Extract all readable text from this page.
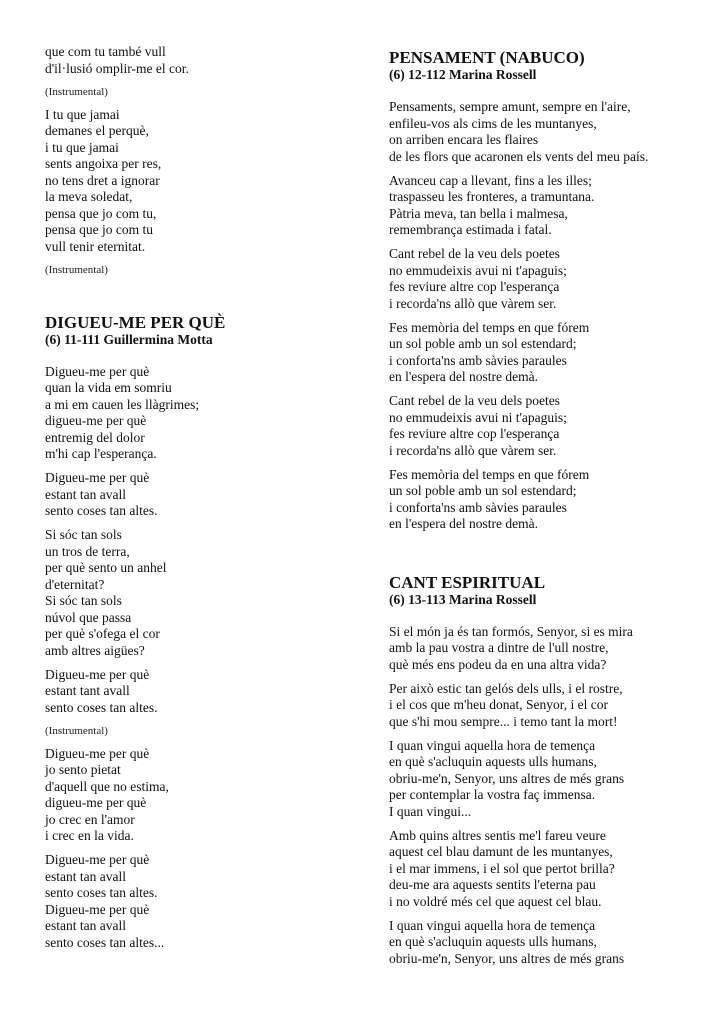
que com tu també vull
d'il·lusió omplir-me el cor.
(Instrumental)
I tu que jamai
demanes el perquè,
i tu que jamai
sents angoixa per res,
no tens dret a ignorar
la meva soledat,
pensa que jo com tu,
pensa que jo com tu
vull tenir eternitat.
(Instrumental)
DIGUEU-ME PER QUÈ
(6) 11-111 Guillermina Motta
Digueu-me per què
quan la vida em somriu
a mi em cauen les llàgrimes;
digueu-me per què
entremig del dolor
m'hi cap l'esperança.
Digueu-me per què
estant tan avall
sento coses tan altes.
Si sóc tan sols
un tros de terra,
per què sento un anhel
d'eternitat?
Si sóc tan sols
núvol que passa
per què s'ofega el cor
amb altres aigües?
Digueu-me per què
estant tant avall
sento coses tan altes.
(Instrumental)
Digueu-me per què
jo sento pietat
d'aquell que no estima,
digueu-me per què
jo crec en l'amor
i crec en la vida.
Digueu-me per què
estant tan avall
sento coses tan altes.
Digueu-me per què
estant tan avall
sento coses tan altes...
PENSAMENT (NABUCO)
(6) 12-112 Marina Rossell
Pensaments, sempre amunt, sempre en l'aire,
enfileu-vos als cims de les muntanyes,
on arriben encara les flaires
de les flors que acaronen els vents del meu país.
Avanceu cap a llevant, fins a les illes;
traspasseu les fronteres, a tramuntana.
Pàtria meva, tan bella i malmesa,
remembrança estimada i fatal.
Cant rebel de la veu dels poetes
no emmudeixis avui ni t'apaguis;
fes reviure altre cop l'esperança
i recorda'ns allò que vàrem ser.
Fes memòria del temps en que fórem
un sol poble amb un sol estendard;
i conforta'ns amb sàvies paraules
en l'espera del nostre demà.
Cant rebel de la veu dels poetes
no emmudeixis avui ni t'apaguis;
fes reviure altre cop l'esperança
i recorda'ns allò que vàrem ser.
Fes memòria del temps en que fórem
un sol poble amb un sol estendard;
i conforta'ns amb sàvies paraules
en l'espera del nostre demà.
CANT ESPIRITUAL
(6) 13-113 Marina Rossell
Si el món ja és tan formós, Senyor, si es mira
amb la pau vostra a dintre de l'ull nostre,
què més ens podeu da en una altra vida?
Per això estic tan gelós dels ulls, i el rostre,
i el cos que m'heu donat, Senyor, i el cor
que s'hi mou sempre... i temo tant la mort!
I quan vingui aquella hora de temença
en què s'acluquin aquests ulls humans,
obriu-me'n, Senyor, uns altres de més grans
per contemplar la vostra faç immensa.
I quan vingui...
Amb quins altres sentis me'l fareu veure
aquest cel blau damunt de les muntanyes,
i el mar immens, i el sol que pertot brilla?
deu-me ara aquests sentits l'eterna pau
i no voldré més cel que aquest cel blau.
I quan vingui aquella hora de temença
en què s'acluquin aquests ulls humans,
obriu-me'n, Senyor, uns altres de més grans
